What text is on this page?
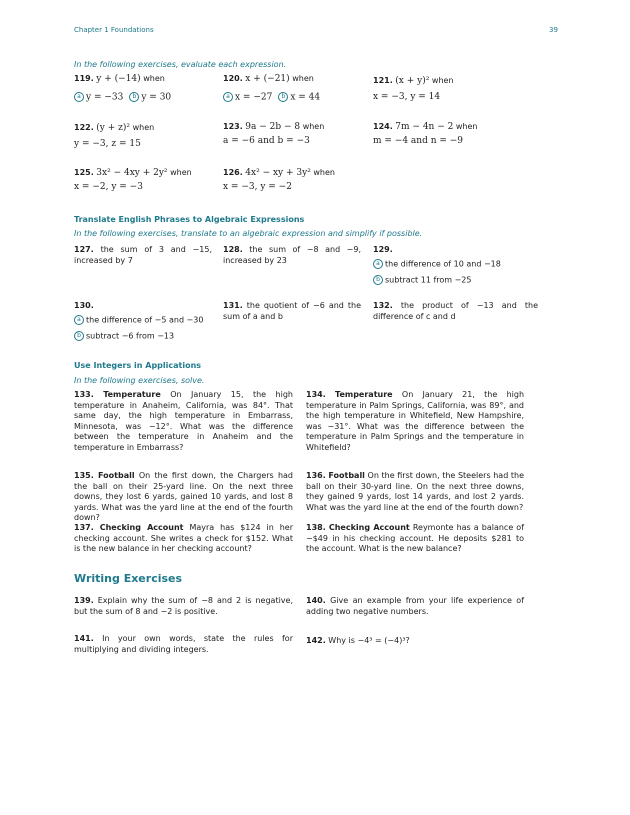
Chapter 1 Foundations	39
In the following exercises, evaluate each expression.
119. y + (−14) when

a y = −33 b y = 30
120. x + (−21) when

a x = −27 b x = 44
121. (x + y)² when

x = −3, y = 14
122. (y + z)² when

y = −3, z = 15
123. 9a − 2b − 8 when

a = −6 and b = −3
124. 7m − 4n − 2 when

m = −4 and n = −9
125. 3x² − 4xy + 2y² when

x = −2, y = −3
126. 4x² − xy + 3y² when

x = −3, y = −2
Translate English Phrases to Algebraic Expressions
In the following exercises, translate to an algebraic expression and simplify if possible.
127. the sum of 3 and −15, increased by 7
128. the sum of −8 and −9, increased by 23
129.
a the difference of 10 and −18
b subtract 11 from −25
130.
a the difference of −5 and −30
b subtract −6 from −13
131. the quotient of −6 and the sum of a and b
132. the product of −13 and the difference of c and d
Use Integers in Applications
In the following exercises, solve.
133. Temperature On January 15, the high temperature in Anaheim, California, was 84°. That same day, the high temperature in Embarrass, Minnesota, was −12°. What was the difference between the temperature in Anaheim and the temperature in Embarrass?
134. Temperature On January 21, the high temperature in Palm Springs, California, was 89°, and the high temperature in Whitefield, New Hampshire, was −31°. What was the difference between the temperature in Palm Springs and the temperature in Whitefield?
135. Football On the first down, the Chargers had the ball on their 25-yard line. On the next three downs, they lost 6 yards, gained 10 yards, and lost 8 yards. What was the yard line at the end of the fourth down?
136. Football On the first down, the Steelers had the ball on their 30-yard line. On the next three downs, they gained 9 yards, lost 14 yards, and lost 2 yards. What was the yard line at the end of the fourth down?
137. Checking Account Mayra has $124 in her checking account. She writes a check for $152. What is the new balance in her checking account?
138. Checking Account Reymonte has a balance of −$49 in his checking account. He deposits $281 to the account. What is the new balance?
Writing Exercises
139. Explain why the sum of −8 and 2 is negative, but the sum of 8 and −2 is positive.
140. Give an example from your life experience of adding two negative numbers.
141. In your own words, state the rules for multiplying and dividing integers.
142. Why is −4³ = (−4)³?
